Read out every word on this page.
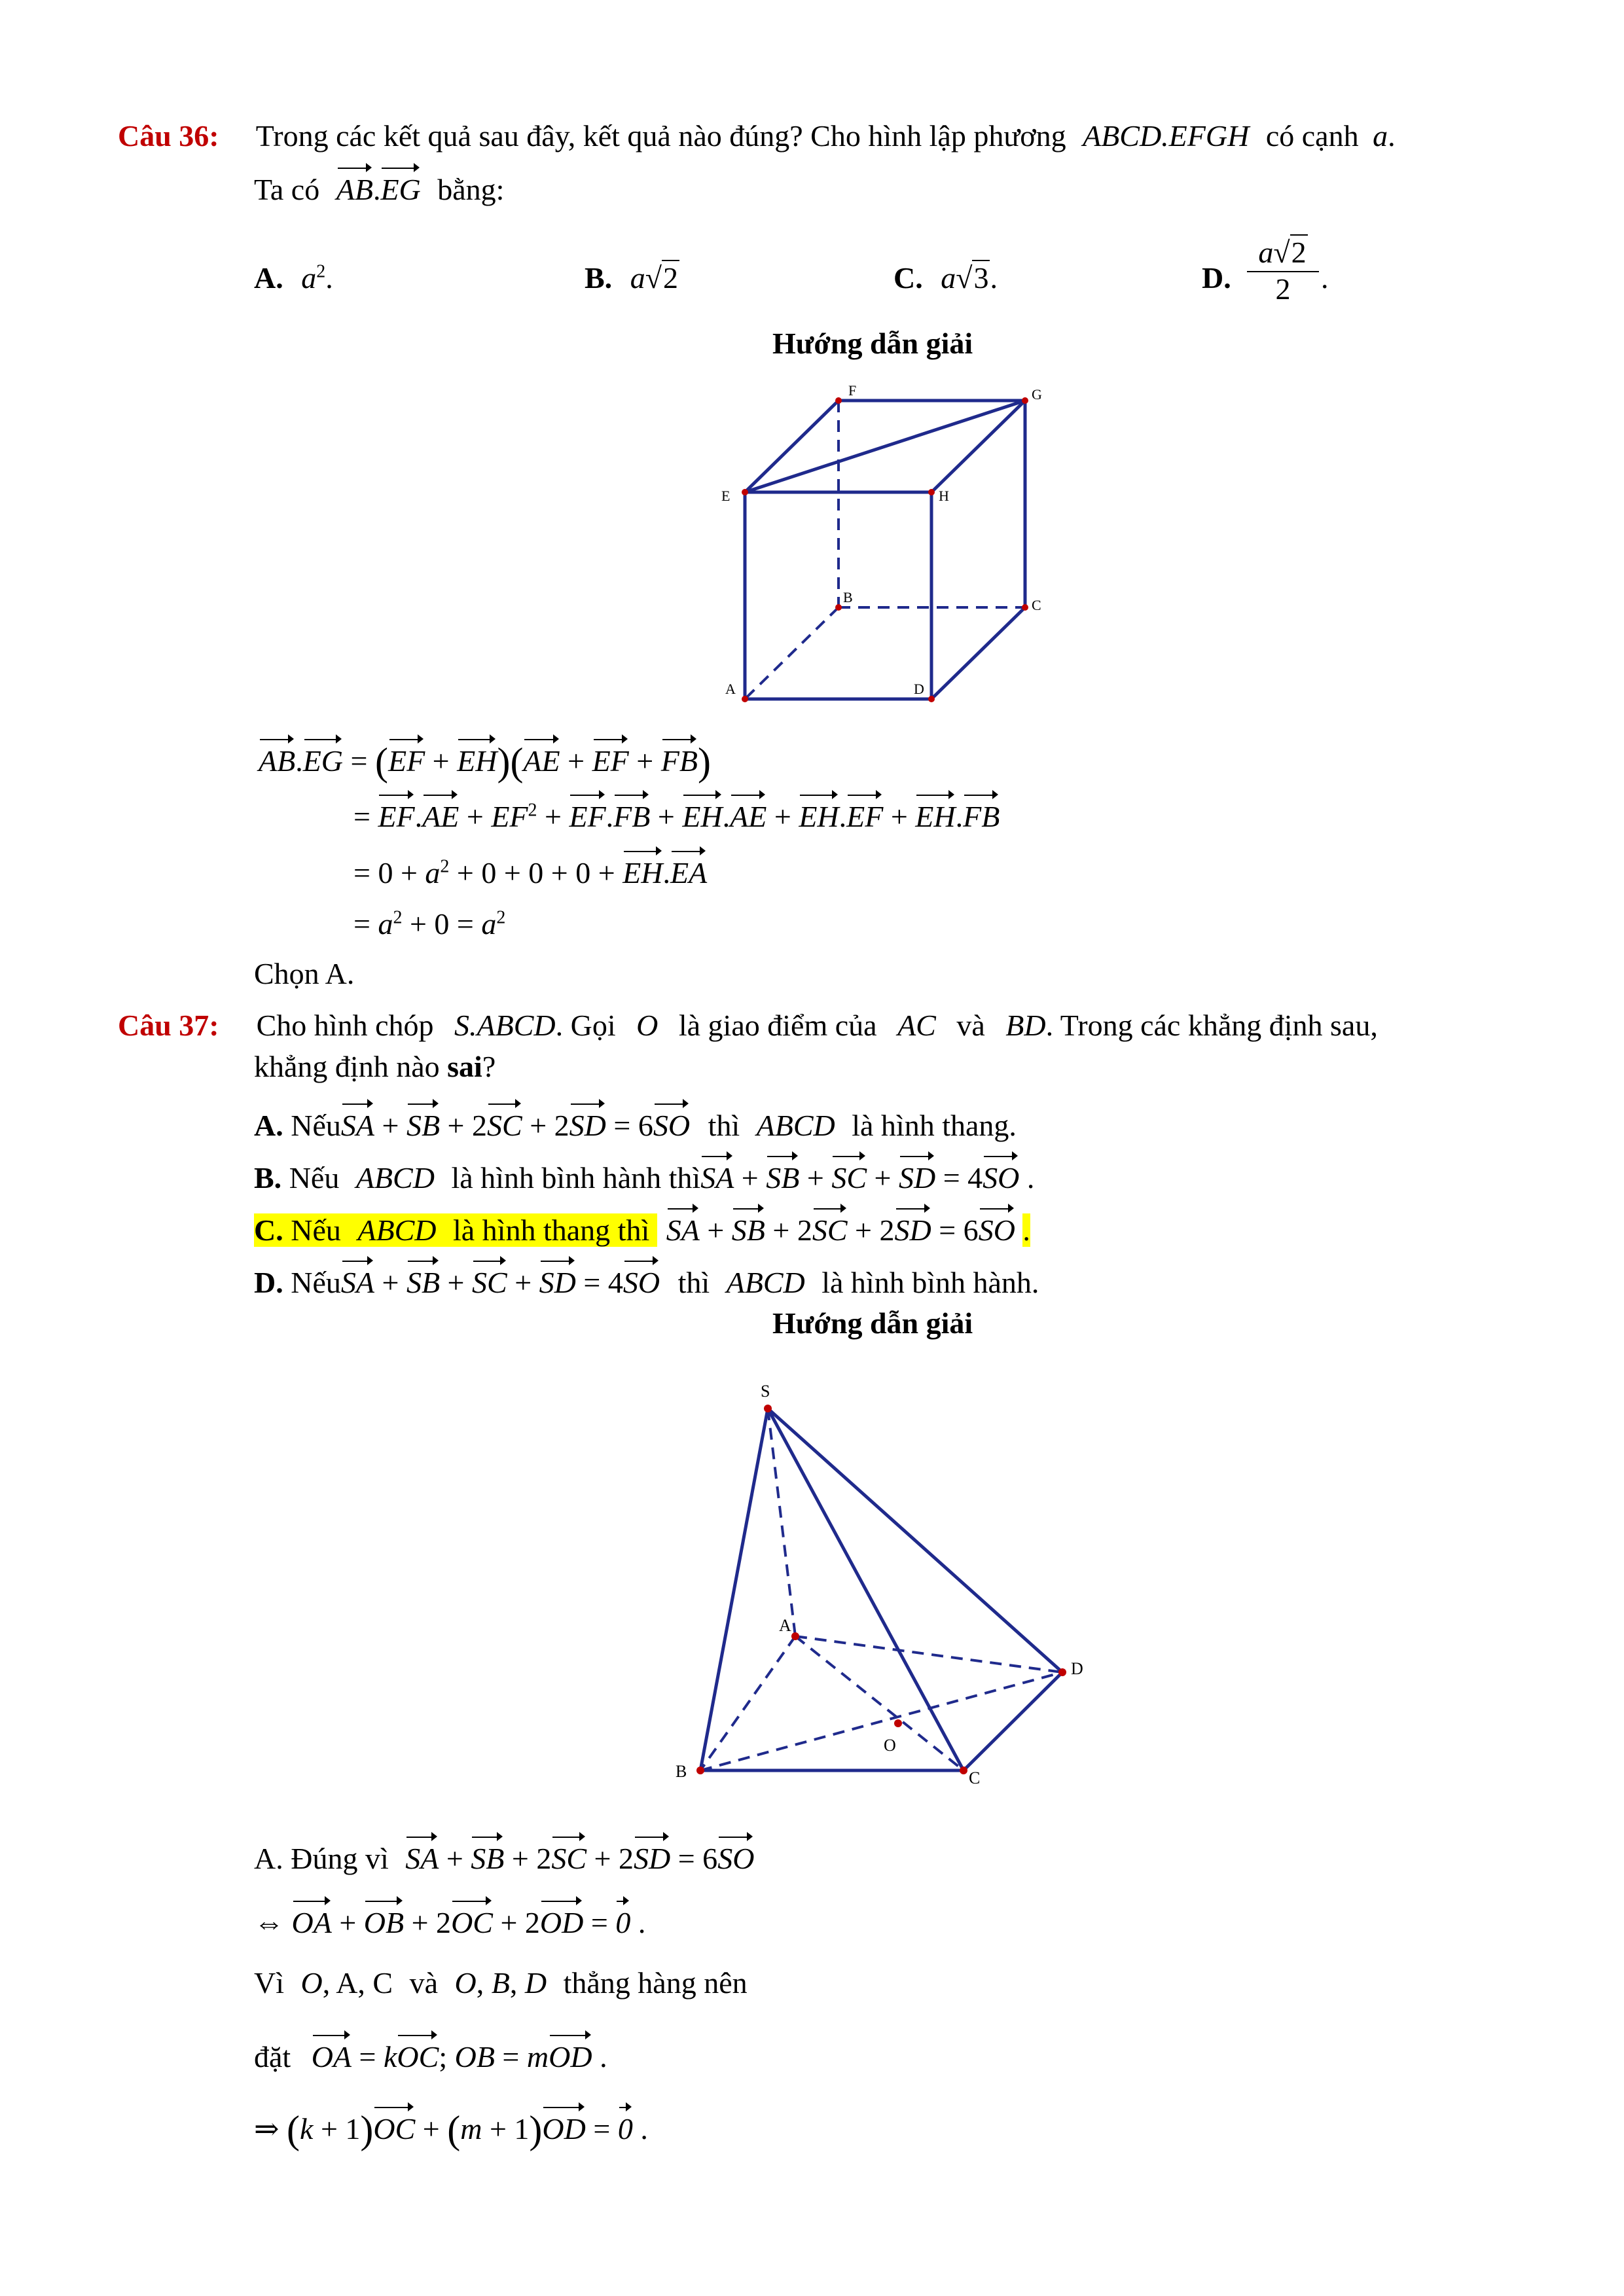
Câu 36: Trong các kết quả sau đây, kết quả nào đúng? Cho hình lập phương ABCD.EFGH có cạnh a.
Ta có AB.EG bằng:
A. $a^2$.	B. a√2	C. a√3.	D.
a√2
2	.
Hướng dẫn giải
A
B	C
D
E
F	G
H
AB.EG = (EF + EH)(AE + EF + FB)
= $EF.AE + EF^2 + EF.FB + EH.AE + EH.EF + EH.FB$
= $0 + a^2 + 0 + 0 + 0 + EH.EA$
= $a^2 + 0 = a^2$
Chọn A.
Câu 37: Cho hình chóp S.ABCD. Gọi O là giao điểm của AC và BD. Trong các khẳng định sau,
khẳng định nào sai?
A. NếuSA + SB + 2SC + 2SD = 6SO thì ABCD là hình thang.
B. Nếu ABCD là hình bình hành thìSA + SB + SC + SD = 4SO .
C. Nếu ABCD là hình thang thì SA + SB + 2SC + 2SD = 6SO .
D. NếuSA + SB + SC + SD = 4SO thì ABCD là hình bình hành.
Hướng dẫn giải
S
A
B	C
D
O
A. Đúng vì SA + SB + 2SC + 2SD = 6SO
⇔ OA + OB + 2OC + 2OD = 0 .
Vì O, A, C và O, B, D thẳng hàng nên
đặt OA = kOC; OB = mOD .
⇒ (k + 1)OC + (m + 1)OD = 0 .
